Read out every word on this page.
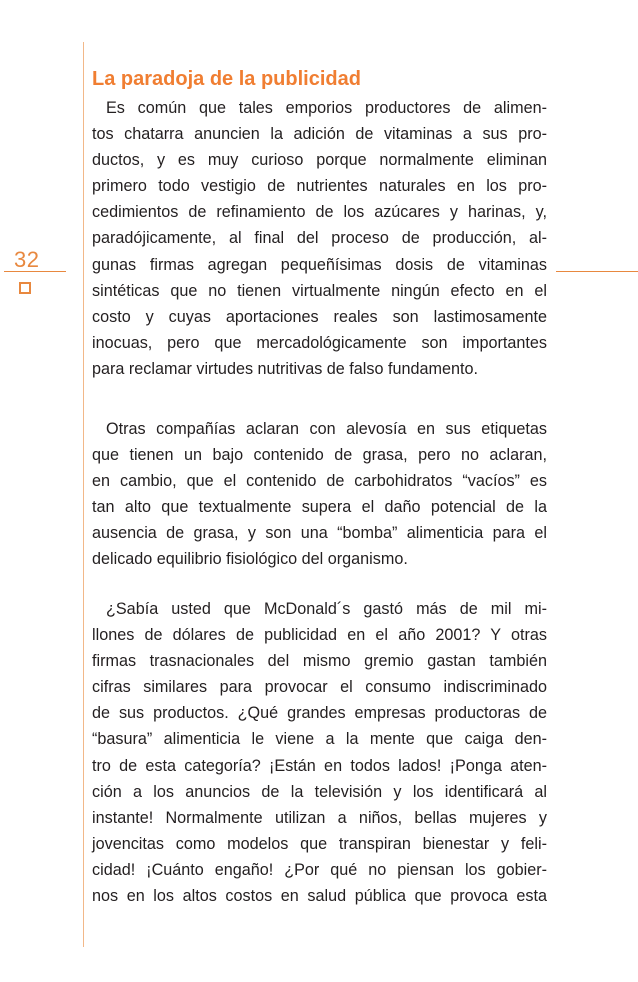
32
La paradoja de la publicidad
Es común que tales emporios productores de alimen-
tos chatarra anuncien la adición de vitaminas a sus pro-
ductos, y es muy curioso porque normalmente eliminan
primero todo vestigio de nutrientes naturales en los pro-
cedimientos de refinamiento de los azúcares y harinas, y,
paradójicamente, al final del proceso de producción, al-
gunas firmas agregan pequeñísimas dosis de vitaminas
sintéticas que no tienen virtualmente ningún efecto en el
costo y cuyas aportaciones reales son lastimosamente
inocuas, pero que mercadológicamente son importantes
para reclamar virtudes nutritivas de falso fundamento.
Otras compañías aclaran con alevosía en sus etiquetas
que tienen un bajo contenido de grasa, pero no aclaran,
en cambio, que el contenido de carbohidratos “vacíos” es
tan alto que textualmente supera el daño potencial de la
ausencia de grasa, y son una “bomba” alimenticia para el
delicado equilibrio fisiológico del organismo.
¿Sabía usted que McDonald´s gastó más de mil mi-
llones de dólares de publicidad en el año 2001? Y otras
firmas trasnacionales del mismo gremio gastan también
cifras similares para provocar el consumo indiscriminado
de sus productos. ¿Qué grandes empresas productoras de
“basura” alimenticia le viene a la mente que caiga den-
tro de esta categoría? ¡Están en todos lados! ¡Ponga aten-
ción a los anuncios de la televisión y los identificará al
instante! Normalmente utilizan a niños, bellas mujeres y
jovencitas como modelos que transpiran bienestar y feli-
cidad! ¡Cuánto engaño! ¿Por qué no piensan los gobier-
nos en los altos costos en salud pública que provoca esta
